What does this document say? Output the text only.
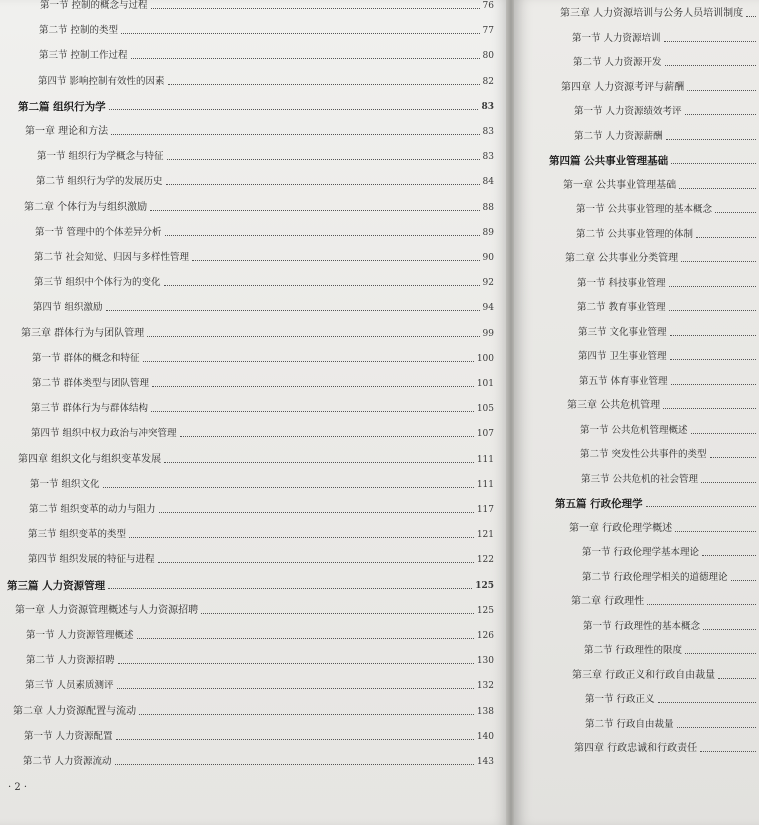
第一节 控制的概念与过程	76
第二节 控制的类型	77
第三节 控制工作过程	80
第四节 影响控制有效性的因素	82
第二篇 组织行为学	83
第一章 理论和方法	83
第一节 组织行为学概念与特征	83
第二节 组织行为学的发展历史	84
第二章 个体行为与组织激励	88
第一节 管理中的个体差异分析	89
第二节 社会知觉、归因与多样性管理	90
第三节 组织中个体行为的变化	92
第四节 组织激励	94
第三章 群体行为与团队管理	99
第一节 群体的概念和特征	100
第二节 群体类型与团队管理	101
第三节 群体行为与群体结构	105
第四节 组织中权力政治与冲突管理	107
第四章 组织文化与组织变革发展	111
第一节 组织文化	111
第二节 组织变革的动力与阻力	117
第三节 组织变革的类型	121
第四节 组织发展的特征与进程	122
第三篇 人力资源管理	125
第一章 人力资源管理概述与人力资源招聘	125
第一节 人力资源管理概述	126
第二节 人力资源招聘	130
第三节 人员素质测评	132
第二章 人力资源配置与流动	138
第一节 人力资源配置	140
第二节 人力资源流动	143
第三章 人力资源培训与公务人员培训制度
第一节 人力资源培训
第二节 人力资源开发
第四章 人力资源考评与薪酬
第一节 人力资源绩效考评
第二节 人力资源薪酬
第四篇 公共事业管理基础
第一章 公共事业管理基础
第一节 公共事业管理的基本概念
第二节 公共事业管理的体制
第二章 公共事业分类管理
第一节 科技事业管理
第二节 教育事业管理
第三节 文化事业管理
第四节 卫生事业管理
第五节 体育事业管理
第三章 公共危机管理
第一节 公共危机管理概述
第二节 突发性公共事件的类型
第三节 公共危机的社会管理
第五篇 行政伦理学
第一章 行政伦理学概述
第一节 行政伦理学基本理论
第二节 行政伦理学相关的道德理论
第二章 行政理性
第一节 行政理性的基本概念
第二节 行政理性的限度
第三章 行政正义和行政自由裁量
第一节 行政正义
第二节 行政自由裁量
第四章 行政忠诚和行政责任
· 2 ·
